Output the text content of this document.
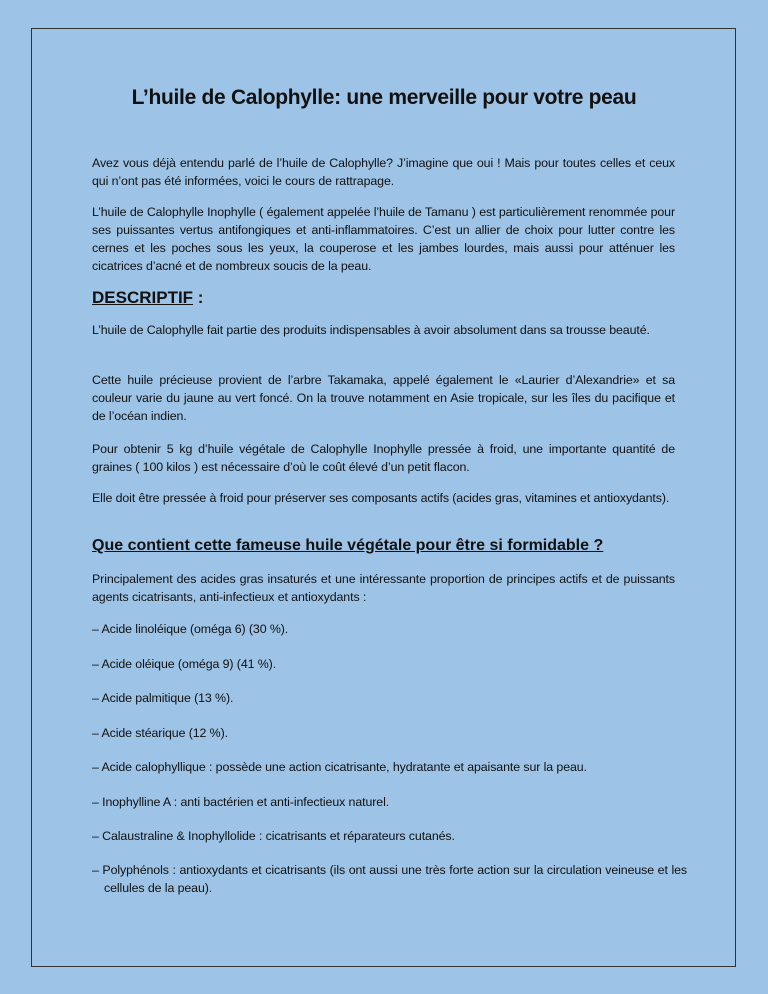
L’huile de Calophylle: une merveille pour votre peau
Avez vous déjà entendu parlé de l’huile de Calophylle? J’imagine que oui ! Mais pour toutes celles et ceux qui n’ont pas été informées, voici le cours de rattrapage.
L’huile de Calophylle Inophylle ( également appelée l’huile de Tamanu ) est particulièrement renommée pour ses puissantes vertus antifongiques et anti-inflammatoires. C’est un allier de choix pour lutter contre les cernes et les poches sous les yeux, la couperose et les jambes lourdes, mais aussi pour atténuer les cicatrices d’acné et de nombreux soucis de la peau.
DESCRIPTIF :
L’huile de Calophylle fait partie des produits indispensables à avoir absolument dans sa trousse beauté.
Cette huile précieuse provient de l’arbre Takamaka, appelé également le «Laurier d’Alexandrie» et sa couleur varie du jaune au vert foncé. On la trouve notamment en Asie tropicale, sur les îles du pacifique et de l’océan indien.
Pour obtenir 5 kg d’huile végétale de Calophylle Inophylle pressée à froid, une importante quantité de graines ( 100 kilos ) est nécessaire d’où le coût élevé d’un petit flacon.
Elle doit être pressée à froid pour préserver ses composants actifs (acides gras, vitamines et antioxydants).
Que contient cette fameuse huile végétale pour être si formidable ?
Principalement des acides gras insaturés et une intéressante proportion de principes actifs et de puissants agents cicatrisants, anti-infectieux et antioxydants :
– Acide linoléique (oméga 6) (30 %).
– Acide oléique (oméga 9) (41 %).
– Acide palmitique (13 %).
– Acide stéarique (12 %).
– Acide calophyllique : possède une action cicatrisante, hydratante et apaisante sur la peau.
– Inophylline A : anti bactérien et anti-infectieux naturel.
– Calaustraline & Inophyllolide : cicatrisants et réparateurs cutanés.
– Polyphénols : antioxydants et cicatrisants (ils ont aussi une très forte action sur la circulation veineuse et les cellules de la peau).
